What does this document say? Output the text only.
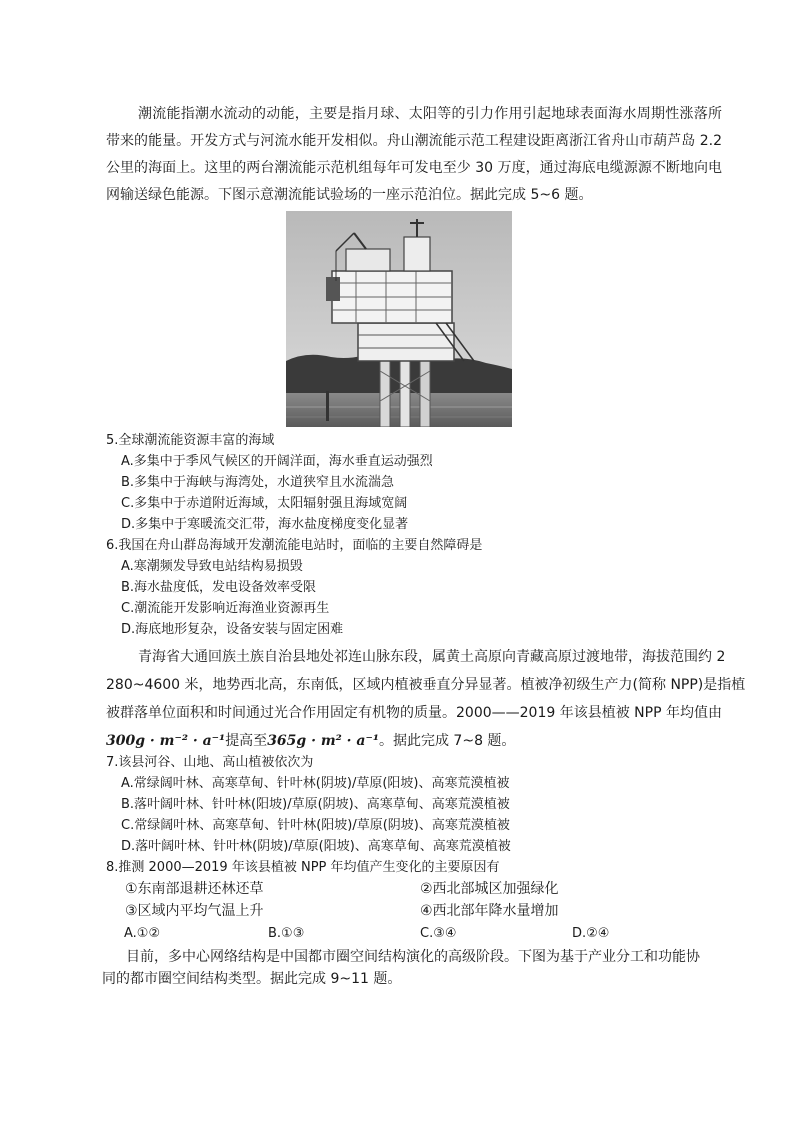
潮流能指潮水流动的动能，主要是指月球、太阳等的引力作用引起地球表面海水周期性涨落所带来的能量。开发方式与河流水能开发相似。舟山潮流能示范工程建设距离浙江省舟山市葫芦岛 2.2 公里的海面上。这里的两台潮流能示范机组每年可发电至少 30 万度，通过海底电缆源源不断地向电网输送绿色能源。下图示意潮流能试验场的一座示范泊位。据此完成 5~6 题。

5.全球潮流能资源丰富的海域

A.多集中于季风气候区的开阔洋面，海水垂直运动强烈

B.多集中于海峡与海湾处，水道狭窄且水流湍急

C.多集中于赤道附近海域，太阳辐射强且海域宽阔

D.多集中于寒暖流交汇带，海水盐度梯度变化显著

6.我国在舟山群岛海域开发潮流能电站时，面临的主要自然障碍是

A.寒潮频发导致电站结构易损毁

B.海水盐度低，发电设备效率受限

C.潮流能开发影响近海渔业资源再生

D.海底地形复杂，设备安装与固定困难

青海省大通回族土族自治县地处祁连山脉东段，属黄土高原向青藏高原过渡地带，海拔范围约 2

280~4600 米，地势西北高，东南低，区域内植被垂直分异显著。植被净初级生产力(简称 NPP)是指植

被群落单位面积和时间通过光合作用固定有机物的质量。2000——2019 年该县植被 NPP 年均值由

300g · m⁻² · a⁻¹提高至365g · m² · a⁻¹。据此完成 7~8 题。

7.该县河谷、山地、高山植被依次为

A.常绿阔叶林、高寒草甸、针叶林(阴坡)/草原(阳坡)、高寒荒漠植被

B.落叶阔叶林、针叶林(阳坡)/草原(阴坡)、高寒草甸、高寒荒漠植被

C.常绿阔叶林、高寒草甸、针叶林(阳坡)/草原(阴坡)、高寒荒漠植被

D.落叶阔叶林、针叶林(阴坡)/草原(阳坡)、高寒草甸、高寒荒漠植被

8.推测 2000—2019 年该县植被 NPP 年均值产生变化的主要原因有

①东南部退耕还林还草	②西北部城区加强绿化
③区域内平均气温上升	④西北部年降水量增加
A.①②	B.①③	C.③④	D.②④

目前，多中心网络结构是中国都市圈空间结构演化的高级阶段。下图为基于产业分工和功能协

同的都市圈空间结构类型。据此完成 9~11 题。
